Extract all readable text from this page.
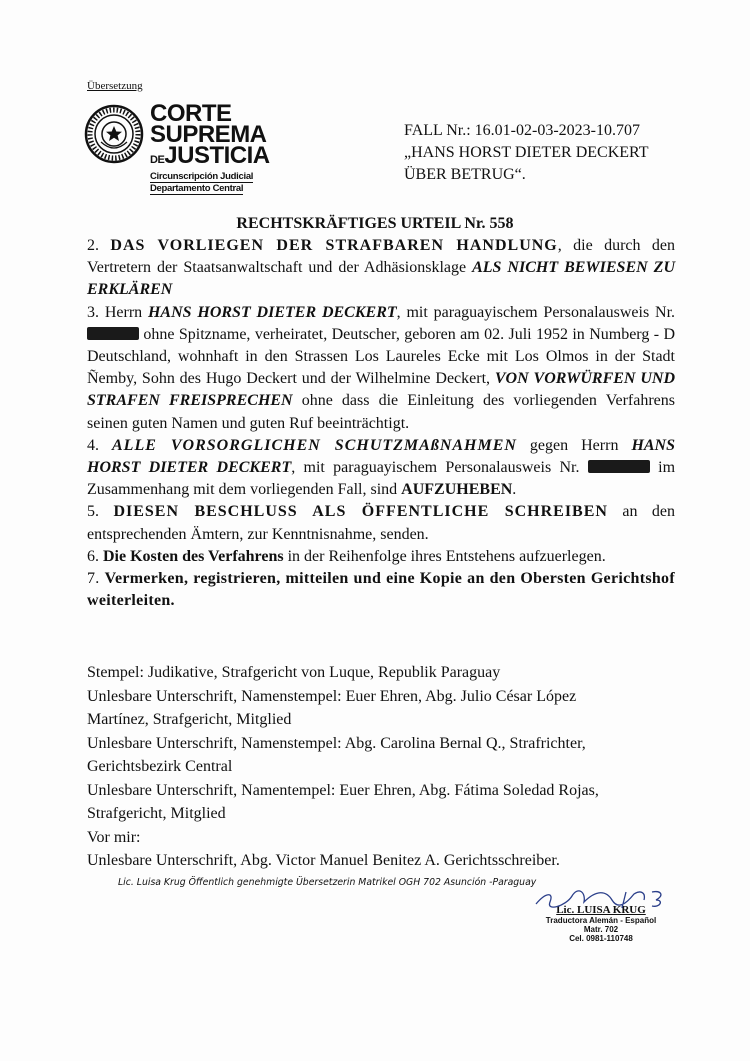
Übersetzung
CORTE
SUPREMA
DEJUSTICIA
Circunscripción Judicial
Departamento Central
FALL Nr.: 16.01-02-03-2023-10.707
„HANS HORST DIETER DECKERT
ÜBER BETRUG“.
RECHTSKRÄFTIGES URTEIL Nr. 558

2. DAS VORLIEGEN DER STRAFBAREN HANDLUNG, die durch den Vertretern der Staatsanwaltschaft und der Adhäsionsklage ALS NICHT BEWIESEN ZU ERKLÄREN

3. Herrn HANS HORST DIETER DECKERT, mit paraguayischem Personalausweis Nr.  ohne Spitzname, verheiratet, Deutscher, geboren am 02. Juli 1952 in Numberg - D Deutschland, wohnhaft in den Strassen Los Laureles Ecke mit Los Olmos in der Stadt Ñemby, Sohn des Hugo Deckert und der Wilhelmine Deckert, VON VORWÜRFEN UND STRAFEN FREISPRECHEN ohne dass die Einleitung des vorliegenden Verfahrens seinen guten Namen und guten Ruf beeinträchtigt.

4. ALLE VORSORGLICHEN SCHUTZMAßNAHMEN gegen Herrn HANS HORST DIETER DECKERT, mit paraguayischem Personalausweis Nr.	im Zusammenhang mit dem vorliegenden Fall, sind AUFZUHEBEN.

5. DIESEN BESCHLUSS ALS ÖFFENTLICHE SCHREIBEN an den entsprechenden Ämtern, zur Kenntnisnahme, senden.

6. Die Kosten des Verfahrens in der Reihenfolge ihres Entstehens aufzuerlegen.

7. Vermerken, registrieren, mitteilen und eine Kopie an den Obersten Gerichtshof weiterleiten.

Stempel: Judikative, Strafgericht von Luque, Republik Paraguay
Unlesbare Unterschrift, Namenstempel: Euer Ehren, Abg. Julio César López
Martínez, Strafgericht, Mitglied
Unlesbare Unterschrift, Namenstempel: Abg. Carolina Bernal Q., Strafrichter,
Gerichtsbezirk Central
Unlesbare Unterschrift, Namentempel: Euer Ehren, Abg. Fátima Soledad Rojas,
Strafgericht, Mitglied
Vor mir:
Unlesbare Unterschrift, Abg. Victor Manuel Benitez A. Gerichtsschreiber.
Lic. Luisa Krug Öffentlich genehmigte Übersetzerin Matrikel OGH 702 Asunción -Paraguay
Lic. LUISA KRUG
Traductora Alemán - Español
Matr. 702
Cel. 0981-110748
